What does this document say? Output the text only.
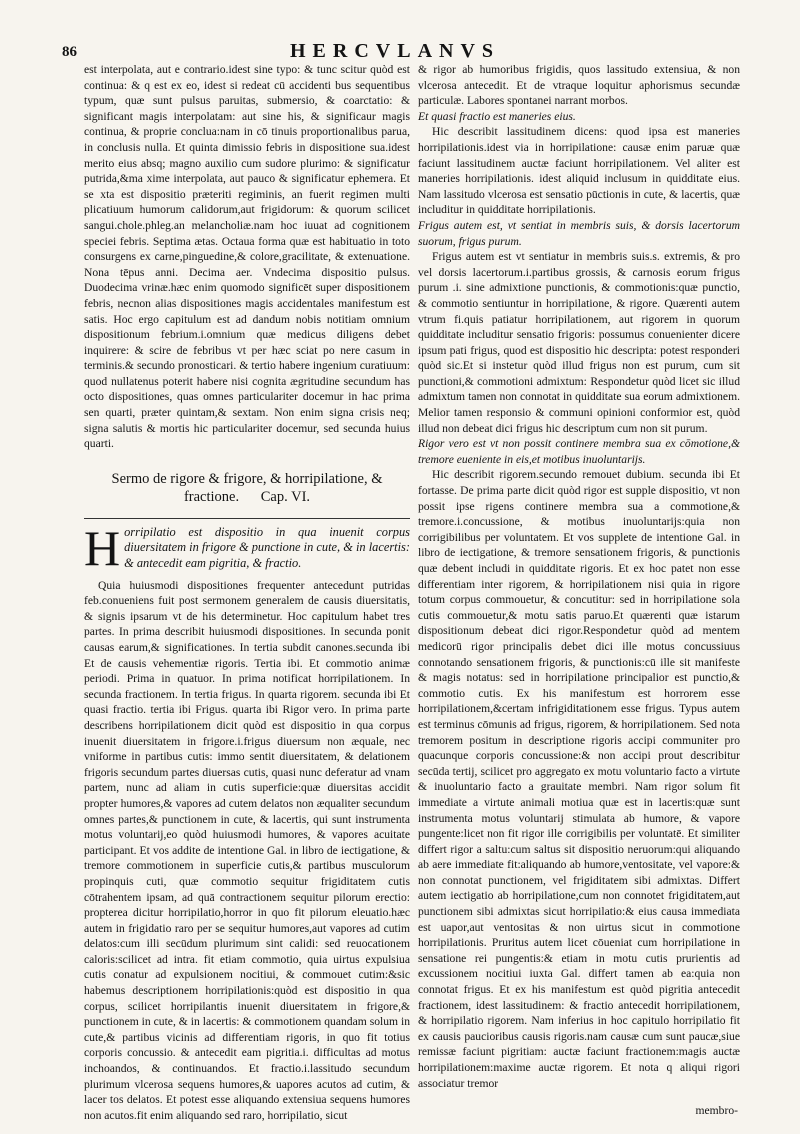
86	HERCVLANVS

est interpolata, aut e contrario.idest sine typo: & tunc scitur quòd est continua: & q est ex eo, idest si redeat cū accidenti bus sequentibus typum, quæ sunt pulsus paruitas, submersio, & coarctatio: & significant magis interpolatam: aut sine his, & significaur magis continua, & proprie conclua:nam in cō tinuis proportionalibus parua, in conclusis nulla. Et quinta dimissio febris in dispositione sua.idest merito eius absq; magno auxilio cum sudore plurimo: & significatur putrida,&ma xime interpolata, aut pauco & significatur ephemera. Et se xta est dispositio præteriti regiminis, an fuerit regimen multi plicatiuum humorum calidorum,aut frigidorum: & quorum scilicet sangui.chole.phleg.an melancholiæ.nam hoc iuuat ad cognitionem speciei febris. Septima ætas. Octaua forma quæ est habituatio in toto consurgens ex carne,pinguedine,& colore,gracilitate, & extenuatione. Nona tēpus anni. Decima aer. Vndecima dispositio pulsus. Duodecima vrinæ.hæc enim quomodo significēt super dispositionem febris, necnon alias dispositiones magis accidentales manifestum est satis. Hoc ergo capitulum est ad dandum nobis notitiam omnium dispositionum febrium.i.omnium quæ medicus diligens debet inquirere: & scire de febribus vt per hæc sciat po nere casum in terminis.& secundo pronosticari. & tertio habere ingenium curatiuum: quod nullatenus poterit habere nisi cognita ægritudine secundum has octo dispositiones, quas omnes particulariter docemur in hac prima sen quarti, præter quintam,& sextam. Non enim signa crisis neq; signa salutis & mortis hic particulariter docemur, sed secunda huius quarti.

Sermo de rigore & frigore, & horripilatione, & fractione. Cap. VI.
H orripilatio est dispositio in qua inuenit corpus diuersitatem in frigore & punctione in cute, & in lacertis: & antecedit eam pigritia, & fractio.

Quia huiusmodi dispositiones frequenter antecedunt putridas feb.conueniens fuit post sermonem generalem de causis diuersitatis, & signis ipsarum vt de his determinetur. Hoc capitulum habet tres partes. In prima describit huiusmodi dispositiones. In secunda ponit causas earum,& significationes. In tertia subdit canones.secunda ibi Et de causis vehementiæ rigoris. Tertia ibi. Et commotio animæ periodi. Prima in quatuor. In prima notificat horripilationem. In secunda fractionem. In tertia frigus. In quarta rigorem. secunda ibi Et quasi fractio. tertia ibi Frigus. quarta ibi Rigor vero. In prima parte describens horripilationem dicit quòd est dispositio in qua corpus inuenit diuersitatem in frigore.i.frigus diuersum non æquale, nec vniforme in partibus cutis: immo sentit diuersitatem, & delationem frigoris secundum partes diuersas cutis, quasi nunc deferatur ad vnam partem, nunc ad aliam in cutis superficie:quæ diuersitas accidit propter humores,& vapores ad cutem delatos non æqualiter secundum omnes partes,& punctionem in cute, & lacertis, qui sunt instrumenta motus voluntarij,eo quòd huiusmodi humores, & vapores acuitate participant. Et vos addite de intentione Gal. in libro de iectigatione, & tremore commotionem in superficie cutis,& partibus musculorum propinquis cuti, quæ commotio sequitur frigiditatem cutis cōtrahentem ipsam, ad quā contractionem sequitur pilorum erectio: propterea dicitur horripilatio,horror in quo fit pilorum eleuatio.hæc autem in frigidatio raro per se sequitur humores,aut vapores ad cutim delatos:cum illi secūdum plurimum sint calidi: sed reuocationem caloris:scilicet ad intra. fit etiam commotio, quia uirtus expulsiua cutis conatur ad expulsionem nocitiui, & commouet cutim:&sic habemus descriptionem horripilationis:quòd est dispositio in qua corpus, scilicet horripilantis inuenit diuersitatem in frigore,& punctionem in cute, & in lacertis: & commotionem quandam solum in cute,& partibus vicinis ad differentiam rigoris, in quo fit totius corporis concussio. & antecedit eam pigritia.i. difficultas ad motus inchoandos, & continuandos. Et fractio.i.lassitudo secundum plurimum vlcerosa sequens humores,& uapores acutos ad cutim, & lacer tos delatos. Et potest esse aliquando extensiua sequens humores non acutos.fit enim aliquando sed raro, horripilatio, sicut

& rigor ab humoribus frigidis, quos lassitudo extensiua, & non vlcerosa antecedit. Et de vtraque loquitur aphorismus secundæ particulæ. Labores spontanei narrant morbos.

Et quasi fractio est maneries eius.

Hic describit lassitudinem dicens: quod ipsa est maneries horripilationis.idest via in horripilatione: causæ enim paruæ quæ faciunt lassitudinem auctæ faciunt horripilationem. Vel aliter est maneries horripilationis. idest aliquid inclusum in quidditate eius. Nam lassitudo vlcerosa est sensatio pūctionis in cute, & lacertis, quæ includitur in quidditate horripilationis.

Frigus autem est, vt sentiat in membris suis, & dorsis lacertorum suorum, frigus purum.

Frigus autem est vt sentiatur in membris suis.s. extremis, & pro vel dorsis lacertorum.i.partibus grossis, & carnosis eorum frigus purum .i. sine admixtione punctionis, & commotionis:quæ punctio, & commotio sentiuntur in horripilatione, & rigore. Quærenti autem vtrum fi.quis patiatur horripilationem, aut rigorem in quorum quidditate includitur sensatio frigoris: possumus conuenienter dicere ipsum pati frigus, quod est dispositio hic descripta: potest responderi quòd sic.Et si instetur quòd illud frigus non est purum, cum sit punctioni,& commotioni admixtum: Respondetur quòd licet sic illud admixtum tamen non connotat in quidditate sua eorum admixtionem. Melior tamen responsio & communi opinioni conformior est, quòd illud non debeat dici frigus hic descriptum cum non sit purum.

Rigor vero est vt non possit continere membra sua ex cōmotione,& tremore eueniente in eis,et motibus inuoluntarijs.

Hic describit rigorem.secundo remouet dubium. secunda ibi Et fortasse. De prima parte dicit quòd rigor est supple dispositio, vt non possit ipse rigens continere membra sua a commotione,& tremore.i.concussione, & motibus inuoluntarijs:quia non corrigibilibus per voluntatem. Et vos supplete de intentione Gal. in libro de iectigatione, & tremore sensationem frigoris, & punctionis quæ debent includi in quidditate rigoris. Et ex hoc patet non esse differentiam inter rigorem, & horripilationem nisi quia in rigore totum corpus commouetur, & concutitur: sed in horripilatione sola cutis commouetur,& motu satis paruo.Et quærenti quæ istarum dispositionum debeat dici rigor.Respondetur quòd ad mentem medicorū rigor principalis debet dici ille motus concussiuus connotando sensationem frigoris, & punctionis:cū ille sit manifeste & magis notatus: sed in horripilatione principalior est punctio,& commotio cutis. Ex his manifestum est horrorem esse horripilationem,&certam infrigiditationem esse frigus. Typus autem est terminus cōmunis ad frigus, rigorem, & horripilationem. Sed nota tremorem positum in descriptione rigoris accipi communiter pro quacunque corporis concussione:& non accipi prout describitur secūda tertij, scilicet pro aggregato ex motu voluntario facto a virtute & inuoluntario facto a grauitate membri. Nam rigor solum fit immediate a virtute animali motiua quæ est in lacertis:quæ sunt instrumenta motus voluntarij stimulata ab humore, & vapore pungente:licet non fit rigor ille corrigibilis per voluntatē. Et similiter differt rigor a saltu:cum saltus sit dispositio neruorum:qui aliquando ab aere immediate fit:aliquando ab humore,ventositate, vel vapore:& non connotat punctionem, vel frigiditatem sibi admixtas. Differt autem iectigatio ab horripilatione,cum non connotet frigiditatem,aut punctionem sibi admixtas sicut horripilatio:& eius causa immediata est uapor,aut ventositas & non uirtus sicut in commotione horripilationis. Pruritus autem licet cōueniat cum horripilatione in sensatione rei pungentis:& etiam in motu cutis prurientis ad excussionem nocitiui iuxta Gal. differt tamen ab ea:quia non connotat frigus. Et ex his manifestum est quòd pigritia antecedit fractionem, idest lassitudinem: & fractio antecedit horripilationem, & horripilatio rigorem. Nam inferius in hoc capitulo horripilatio fit ex causis paucioribus causis rigoris.nam causæ cum sunt paucæ,siue remissæ faciunt pigritiam: auctæ faciunt fractionem:magis auctæ horripilationem:maxime auctæ rigorem. Et nota q aliqui rigori associatur tremor

membro-
